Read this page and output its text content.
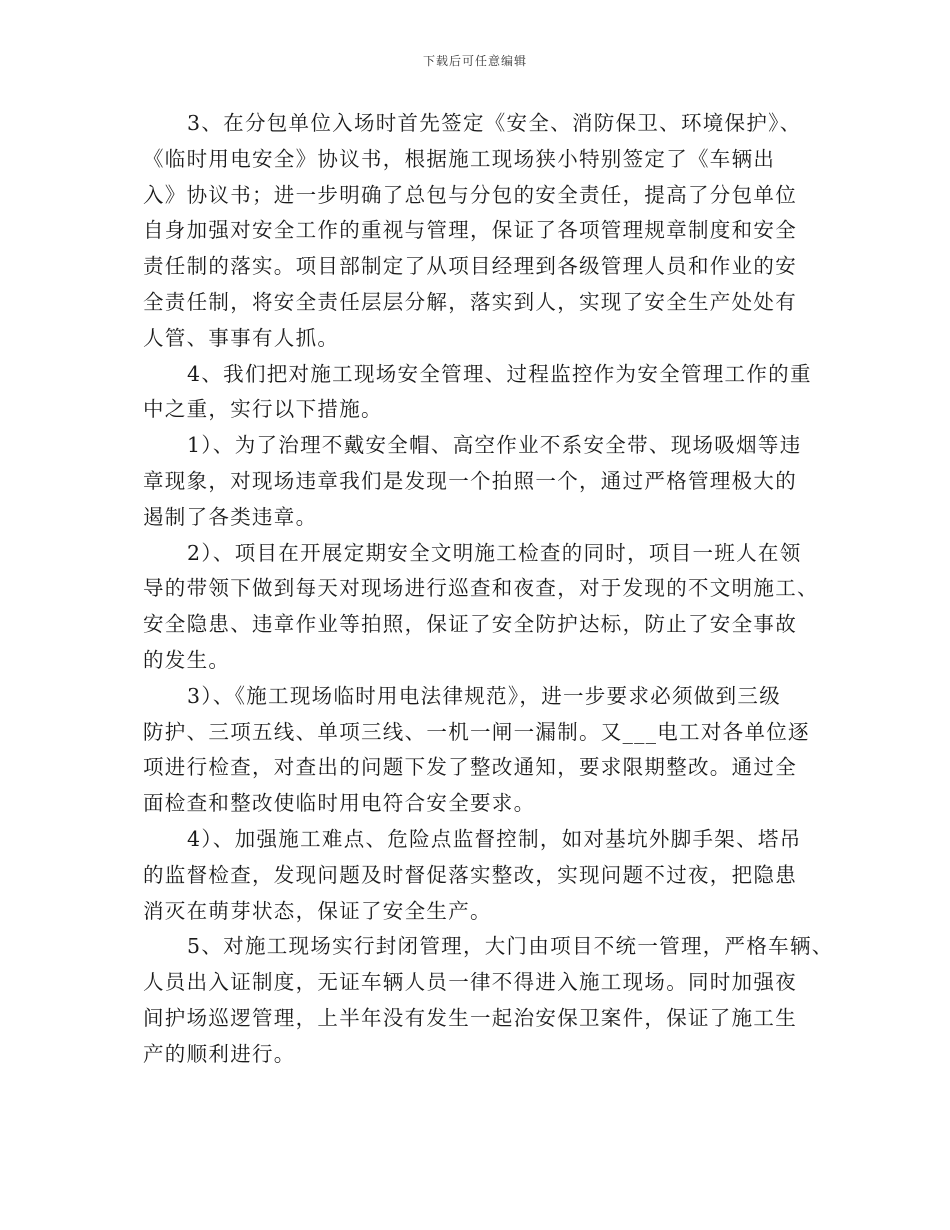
下载后可任意编辑
3、在分包单位入场时首先签定《安全、消防保卫、环境保护》、
《临时用电安全》协议书，根据施工现场狭小特别签定了《车辆出
入》协议书；进一步明确了总包与分包的安全责任，提高了分包单位
自身加强对安全工作的重视与管理，保证了各项管理规章制度和安全
责任制的落实。项目部制定了从项目经理到各级管理人员和作业的安
全责任制，将安全责任层层分解，落实到人，实现了安全生产处处有
人管、事事有人抓。
4、我们把对施工现场安全管理、过程监控作为安全管理工作的重
中之重，实行以下措施。
1）、为了治理不戴安全帽、高空作业不系安全带、现场吸烟等违
章现象，对现场违章我们是发现一个拍照一个，通过严格管理极大的
遏制了各类违章。
2）、项目在开展定期安全文明施工检查的同时，项目一班人在领
导的带领下做到每天对现场进行巡查和夜查，对于发现的不文明施工、
安全隐患、违章作业等拍照，保证了安全防护达标，防止了安全事故
的发生。
3）、《施工现场临时用电法律规范》，进一步要求必须做到三级
防护、三项五线、单项三线、一机一闸一漏制。又___电工对各单位逐
项进行检查，对查出的问题下发了整改通知，要求限期整改。通过全
面检查和整改使临时用电符合安全要求。
4）、加强施工难点、危险点监督控制，如对基坑外脚手架、塔吊
的监督检查，发现问题及时督促落实整改，实现问题不过夜，把隐患
消灭在萌芽状态，保证了安全生产。
5、对施工现场实行封闭管理，大门由项目不统一管理，严格车辆、
人员出入证制度，无证车辆人员一律不得进入施工现场。同时加强夜
间护场巡逻管理，上半年没有发生一起治安保卫案件，保证了施工生
产的顺利进行。
